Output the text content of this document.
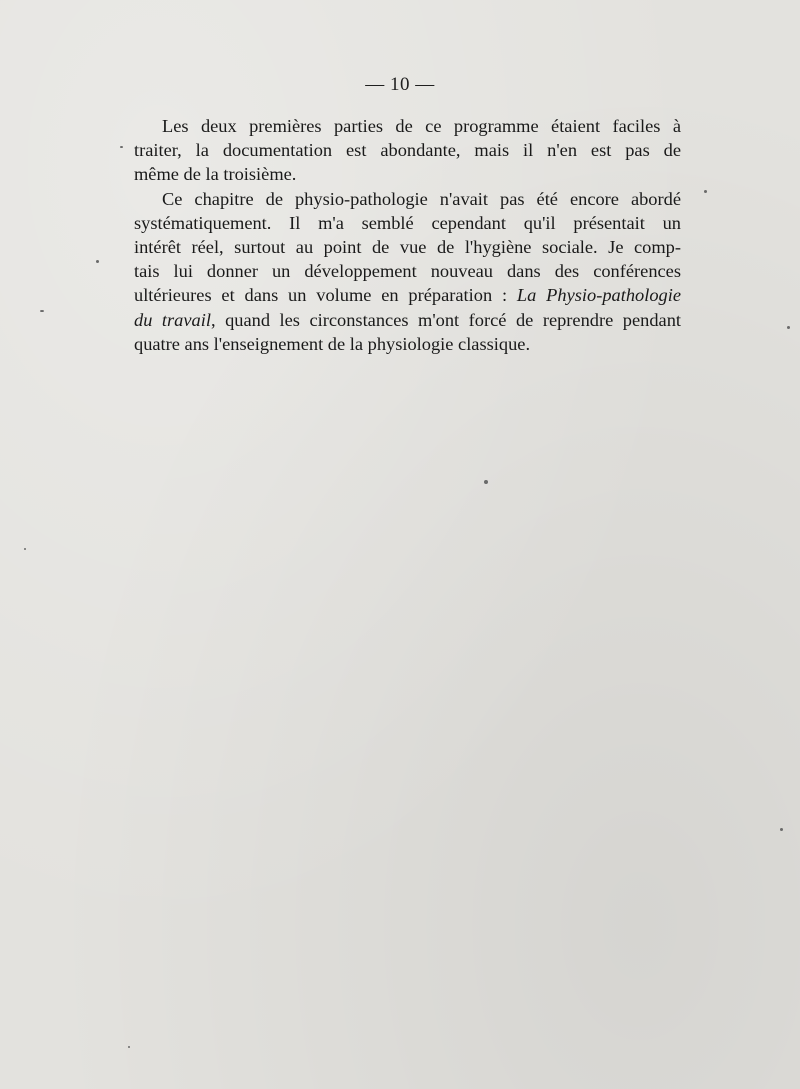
— 10 —
Les deux premières parties de ce programme étaient faciles à
traiter, la documentation est abondante, mais il n'en est pas de
même de la troisième.
Ce chapitre de physio-pathologie n'avait pas été encore abordé
systématiquement. Il m'a semblé cependant qu'il présentait un
intérêt réel, surtout au point de vue de l'hygiène sociale. Je comp-
tais lui donner un développement nouveau dans des conférences
ultérieures et dans un volume en préparation : La Physio-pathologie
du travail, quand les circonstances m'ont forcé de reprendre pendant
quatre ans l'enseignement de la physiologie classique.
